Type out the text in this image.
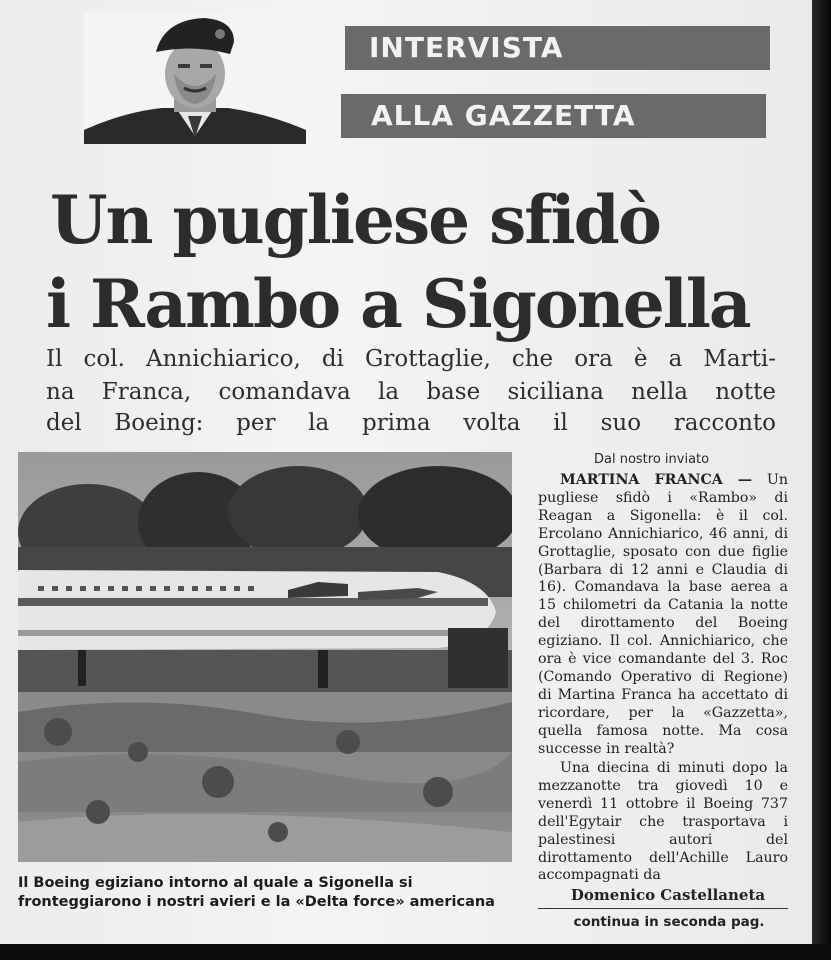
INTERVISTA
ALLA GAZZETTA
Un pugliese sfidò
i Rambo a Sigonella
Il col. Annichiarico, di Grottaglie, che ora è a Marti-
na Franca, comandava la base siciliana nella notte
del Boeing: per la prima volta il suo racconto
Il Boeing egiziano intorno al quale a Sigonella si fronteggiarono i nostri avieri e la «Delta force» americana
Dal nostro inviato
MARTINA FRANCA — Un pugliese sfidò i «Rambo» di Reagan a Sigonella: è il col. Ercolano Annichiarico, 46 anni, di Grottaglie, sposato con due figlie (Barbara di 12 anni e Claudia di 16). Comandava la base aerea a 15 chilometri da Catania la notte del dirottamento del Boeing egiziano. Il col. Annichiarico, che ora è vice comandante del 3. Roc (Comando Operativo di Regione) di Martina Franca ha accettato di ricordare, per la «Gazzetta», quella famosa notte. Ma cosa successe in realtà?
Una diecina di minuti dopo la mezzanotte tra giovedì 10 e venerdì 11 ottobre il Boeing 737 dell'Egytair che trasportava i palestinesi autori del dirottamento dell'Achille Lauro accompagnati da
Domenico Castellaneta
continua in seconda pag.
